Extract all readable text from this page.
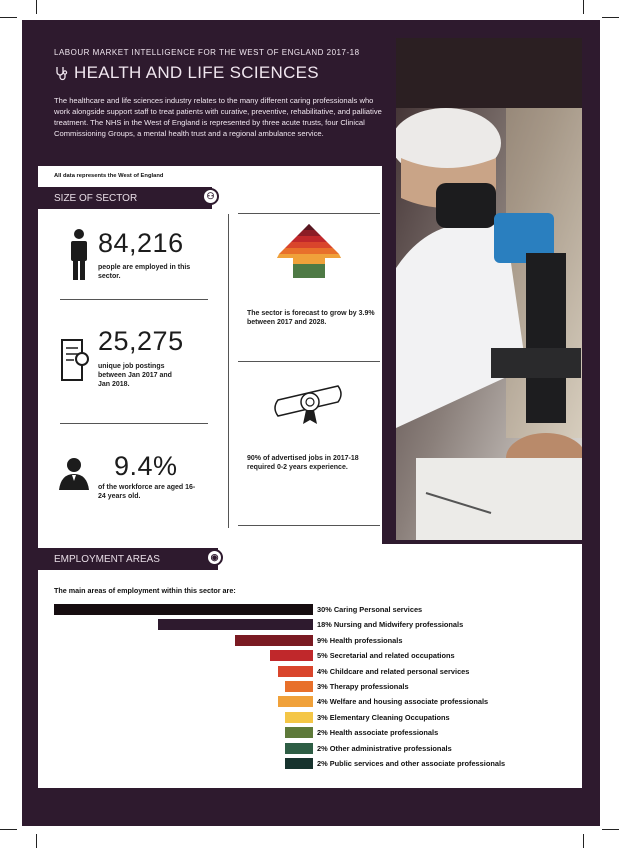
LABOUR MARKET INTELLIGENCE FOR THE WEST OF ENGLAND 2017-18
HEALTH AND LIFE SCIENCES
The healthcare and life sciences industry relates to the many different caring professionals who work alongside support staff to treat patients with curative, preventive, rehabilitative, and palliative treatment. The NHS in the West of England is represented by three acute trusts, four Clinical Commissioning Groups, a mental health trust and a regional ambulance service.
All data represents the West of England
SIZE OF SECTOR	⚇
84,216
people are employed in this sector.
25,275
unique job postings between Jan 2017 and Jan 2018.
9.4%
of the workforce are aged 16-24 years old.
3.9%
The sector is forecast to grow by 3.9% between 2017 and 2028.
90% of advertised jobs in 2017-18 required 0-2 years experience.
EMPLOYMENT AREAS	◉
The main areas of employment within this sector are:
30% Caring Personal services
18% Nursing and Midwifery professionals
9% Health professionals
5% Secretarial and related occupations
4% Childcare and related personal services
3% Therapy professionals
4% Welfare and housing associate professionals
3% Elementary Cleaning Occupations
2% Health associate professionals
2% Other administrative professionals
2% Public services and other associate professionals
